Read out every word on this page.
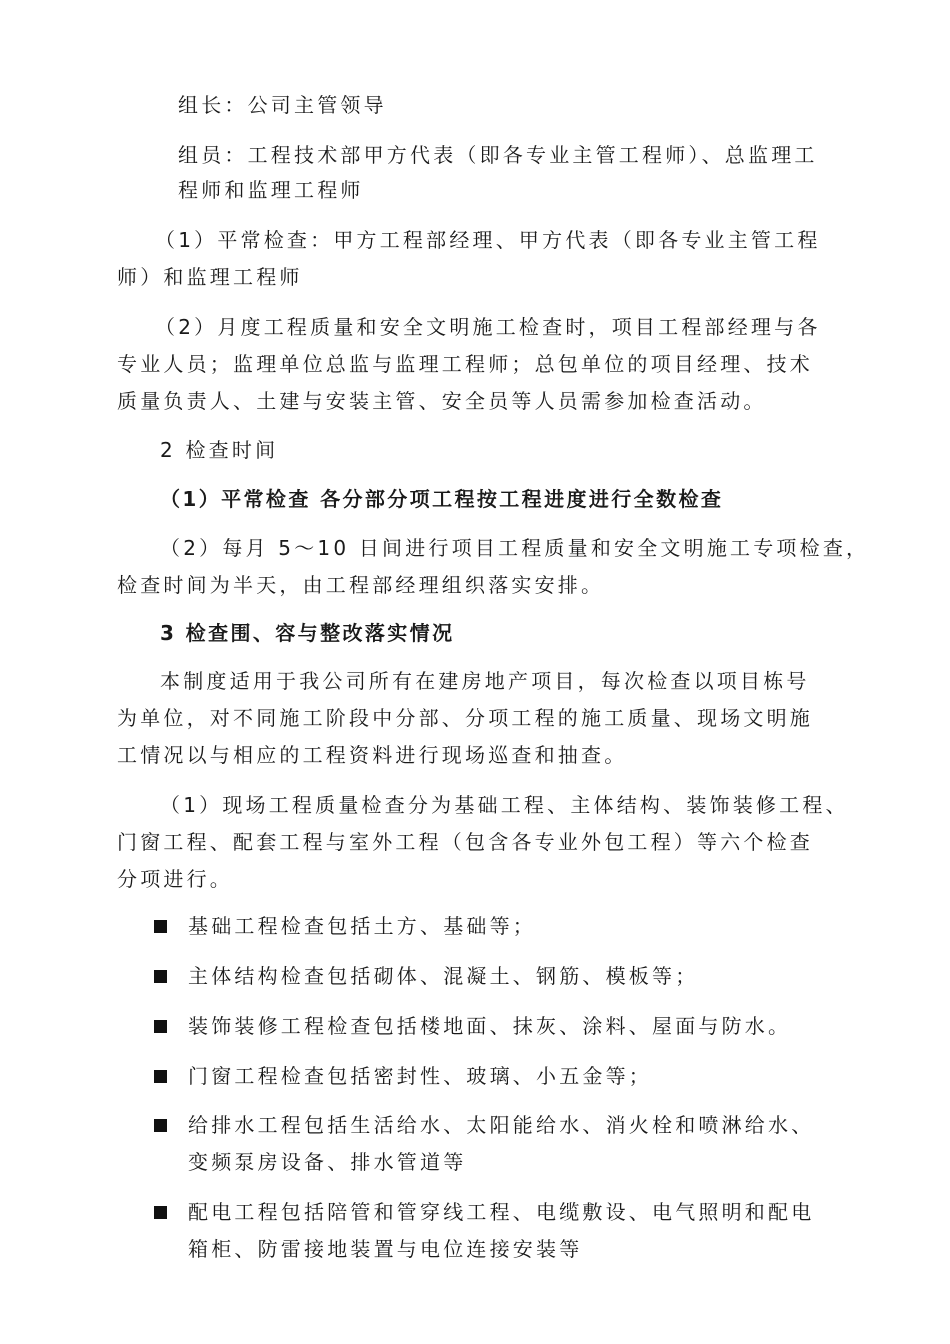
组长：公司主管领导
组员：工程技术部甲方代表（即各专业主管工程师）、总监理工
程师和监理工程师
（1）平常检查：甲方工程部经理、甲方代表（即各专业主管工程
师）和监理工程师
（2）月度工程质量和安全文明施工检查时，项目工程部经理与各
专业人员；监理单位总监与监理工程师；总包单位的项目经理、技术
质量负责人、土建与安装主管、安全员等人员需参加检查活动。
2 检查时间
（1）平常检查 各分部分项工程按工程进度进行全数检查
（2）每月 5～10 日间进行项目工程质量和安全文明施工专项检查，
检查时间为半天，由工程部经理组织落实安排。
3 检查围、容与整改落实情况
本制度适用于我公司所有在建房地产项目，每次检查以项目栋号
为单位，对不同施工阶段中分部、分项工程的施工质量、现场文明施
工情况以与相应的工程资料进行现场巡查和抽查。
（1）现场工程质量检查分为基础工程、主体结构、装饰装修工程、
门窗工程、配套工程与室外工程（包含各专业外包工程）等六个检查
分项进行。
基础工程检查包括土方、基础等；
主体结构检查包括砌体、混凝土、钢筋、模板等；
装饰装修工程检查包括楼地面、抹灰、涂料、屋面与防水。
门窗工程检查包括密封性、玻璃、小五金等；
给排水工程包括生活给水、太阳能给水、消火栓和喷淋给水、
变频泵房设备、排水管道等
配电工程包括陪管和管穿线工程、电缆敷设、电气照明和配电
箱柜、防雷接地装置与电位连接安装等
